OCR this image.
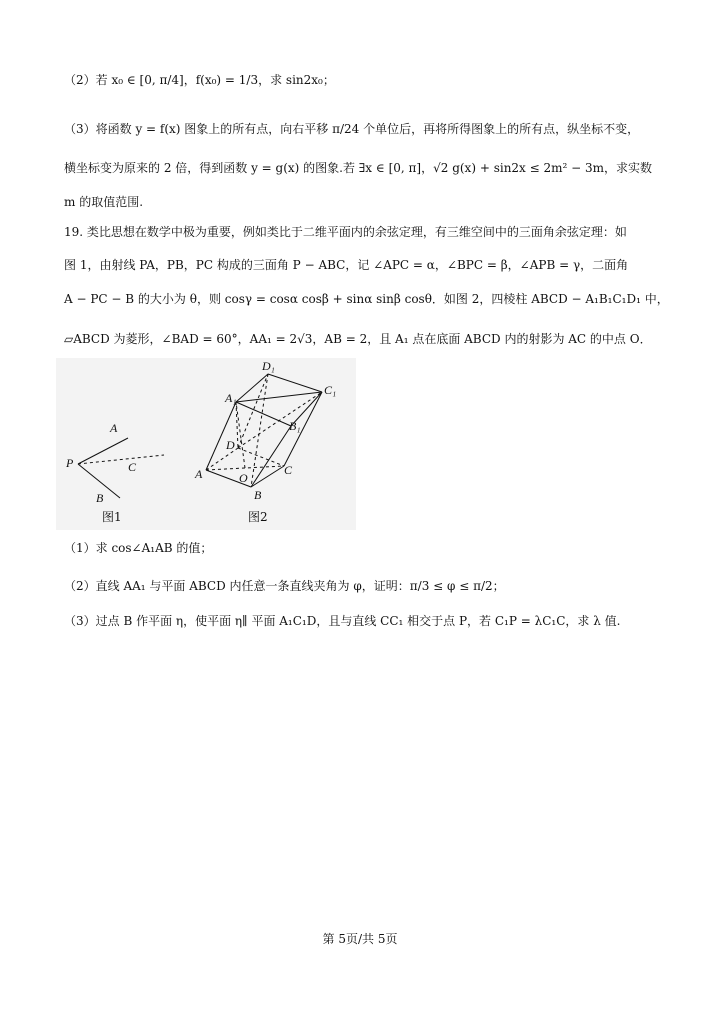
（2）若 x₀ ∈ [0, π/4]，f(x₀) = 1/3，求 sin2x₀；
（3）将函数 y = f(x) 图象上的所有点，向右平移 π/24 个单位后，再将所得图象上的所有点，纵坐标不变，
横坐标变为原来的 2 倍，得到函数 y = g(x) 的图象.若 ∃x ∈ [0, π]，√2 g(x) + sin2x ≤ 2m² − 3m，求实数
m 的取值范围.
19. 类比思想在数学中极为重要，例如类比于二维平面内的余弦定理，有三维空间中的三面角余弦定理：如
图 1，由射线 PA，PB，PC 构成的三面角 P − ABC，记 ∠APC = α，∠BPC = β，∠APB = γ，二面角
A − PC − B 的大小为 θ，则 cosγ = cosα cosβ + sinα sinβ cosθ．如图 2，四棱柱 ABCD − A₁B₁C₁D₁ 中，
▱ABCD 为菱形，∠BAD = 60°，AA₁ = 2√3，AB = 2，且 A₁ 点在底面 ABCD 内的射影为 AC 的中点 O．
A
P	C
B
图1
D₁
A₁
C₁
B₁
D
A	O
C
B
图2
（1）求 cos∠A₁AB 的值；
（2）直线 AA₁ 与平面 ABCD 内任意一条直线夹角为 φ，证明：π/3 ≤ φ ≤ π/2；
（3）过点 B 作平面 η，使平面 η∥ 平面 A₁C₁D，且与直线 CC₁ 相交于点 P，若 C₁P = λC₁C，求 λ 值.
第 5页/共 5页
